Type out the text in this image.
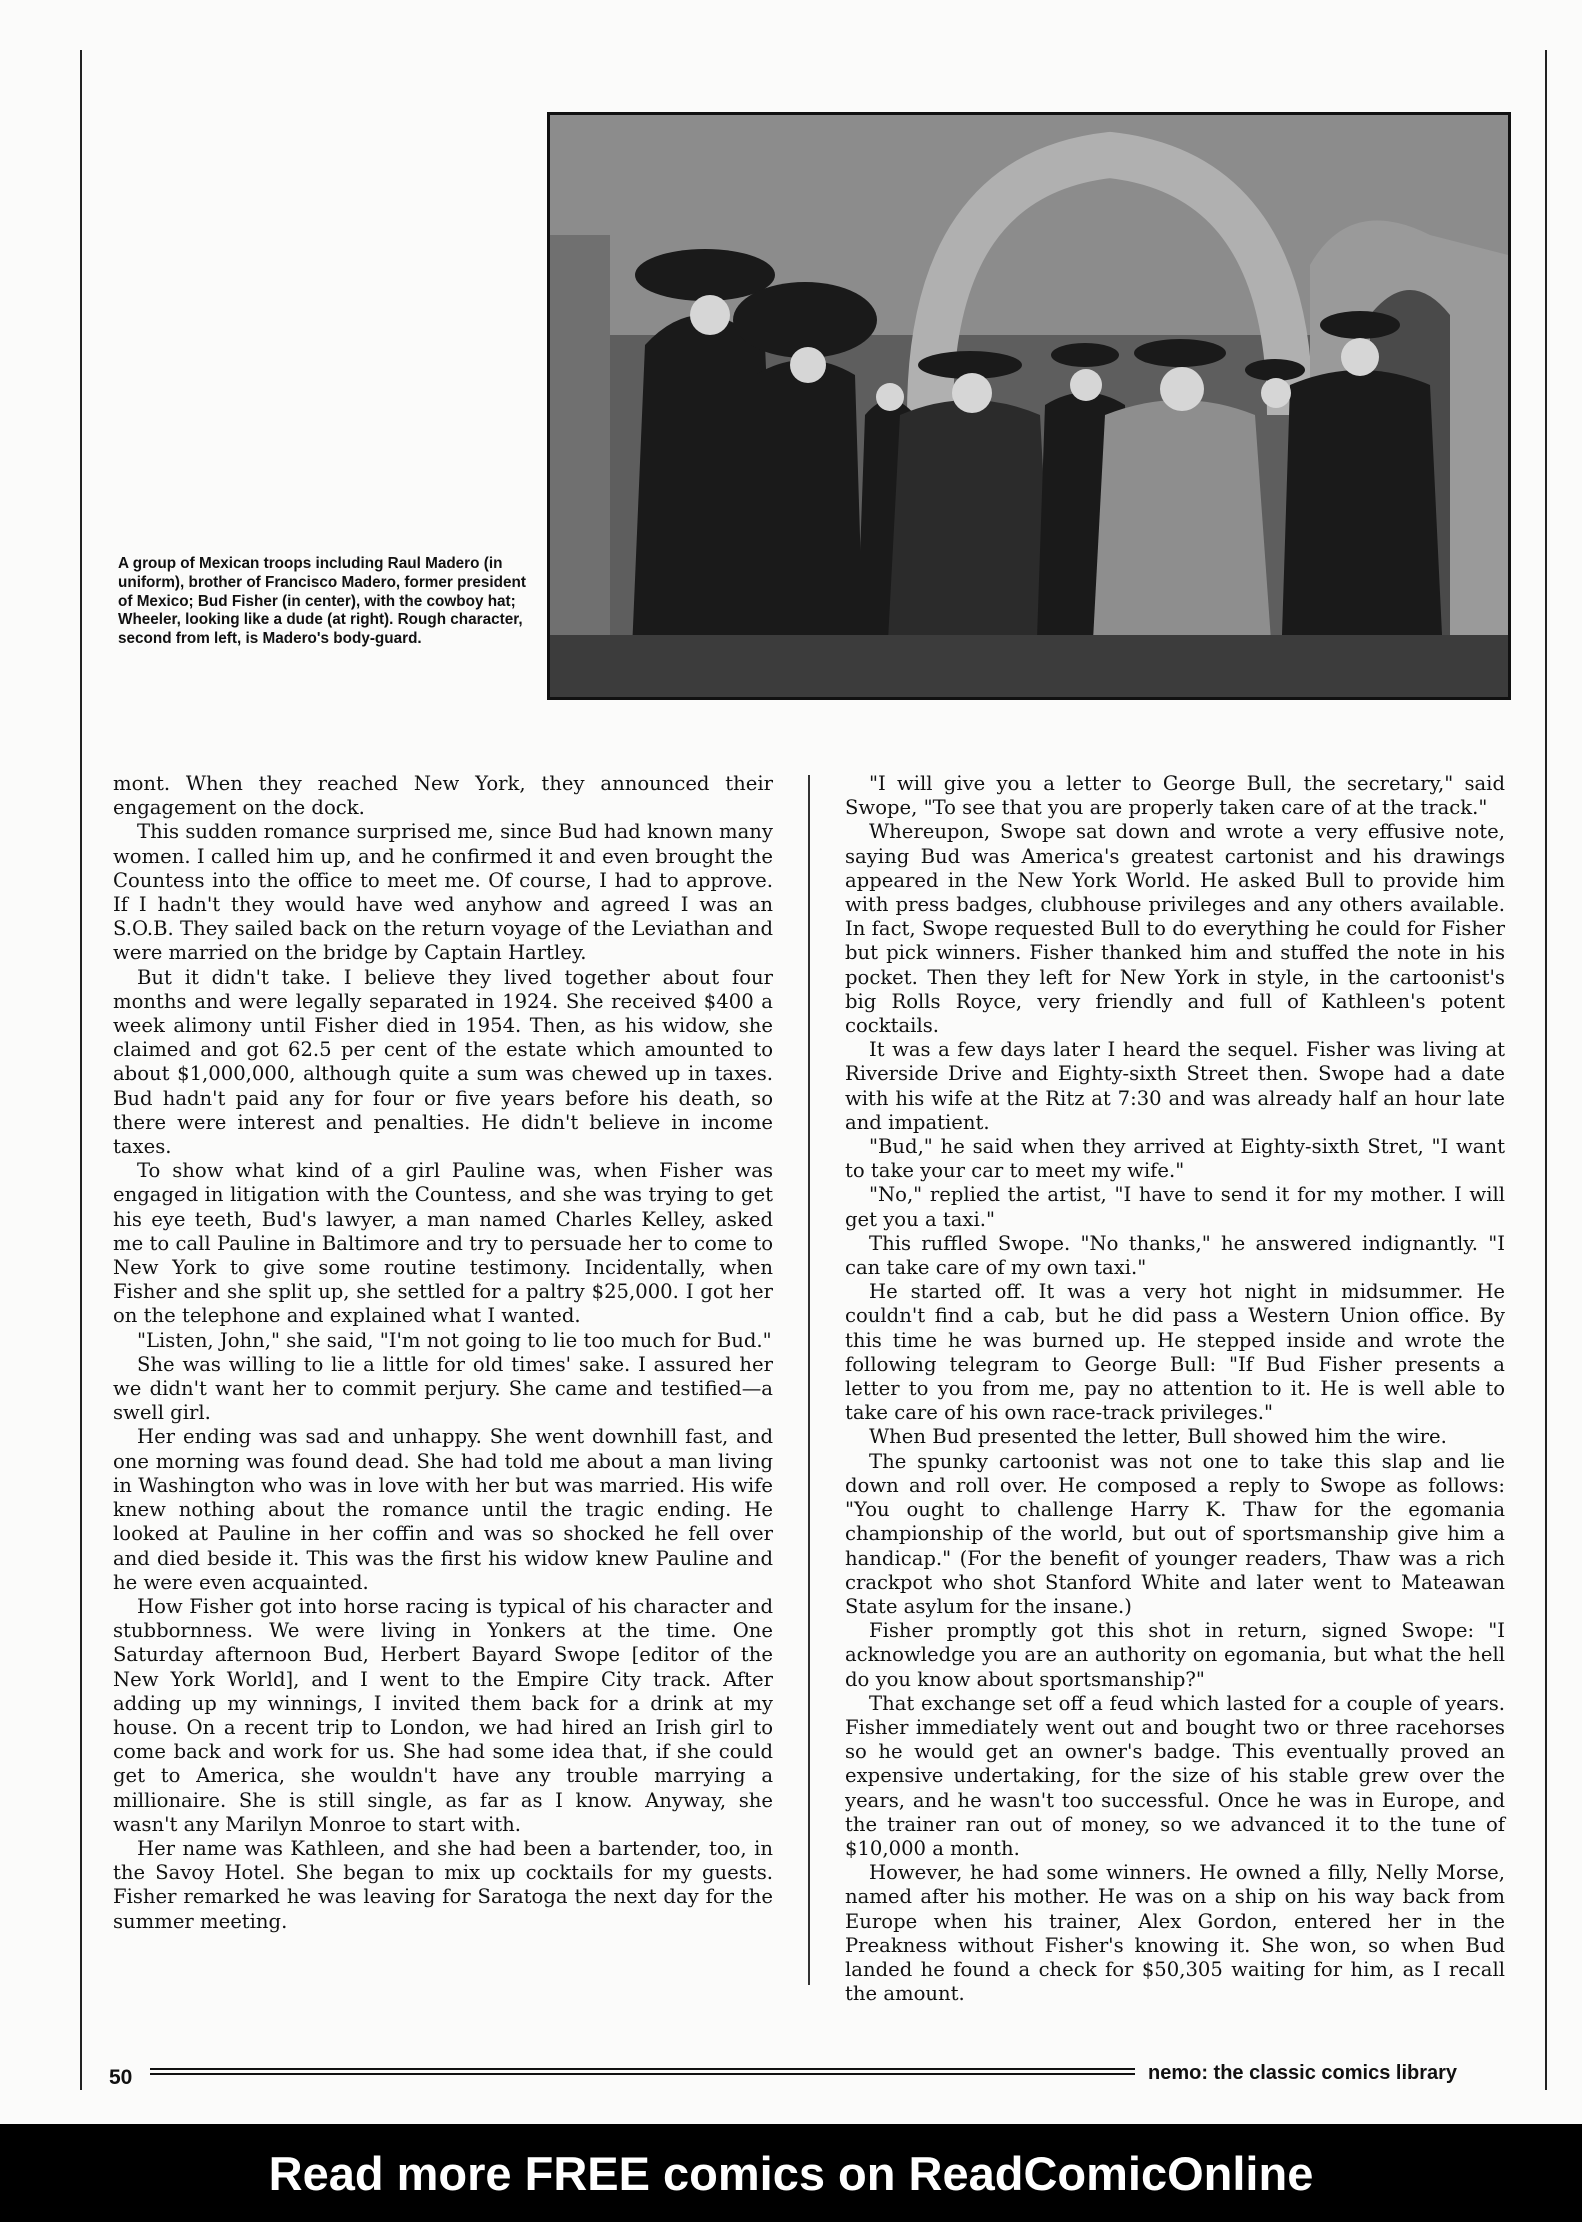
A group of Mexican troops including Raul Madero (in uniform), brother of Francisco Madero, former president of Mexico; Bud Fisher (in center), with the cowboy hat; Wheeler, looking like a dude (at right). Rough character, second from left, is Madero's body-guard.

mont. When they reached New York, they announced their engagement on the dock.

This sudden romance surprised me, since Bud had known many women. I called him up, and he confirmed it and even brought the Countess into the office to meet me. Of course, I had to approve. If I hadn't they would have wed anyhow and agreed I was an S.O.B. They sailed back on the return voyage of the Leviathan and were married on the bridge by Captain Hartley.

But it didn't take. I believe they lived together about four months and were legally separated in 1924. She received $400 a week alimony until Fisher died in 1954. Then, as his widow, she claimed and got 62.5 per cent of the estate which amounted to about $1,000,000, although quite a sum was chewed up in taxes. Bud hadn't paid any for four or five years before his death, so there were interest and penalties. He didn't believe in income taxes.

To show what kind of a girl Pauline was, when Fisher was engaged in litigation with the Countess, and she was trying to get his eye teeth, Bud's lawyer, a man named Charles Kelley, asked me to call Pauline in Baltimore and try to persuade her to come to New York to give some routine testimony. Incidentally, when Fisher and she split up, she settled for a paltry $25,000. I got her on the telephone and explained what I wanted.

"Listen, John," she said, "I'm not going to lie too much for Bud."

She was willing to lie a little for old times' sake. I assured her we didn't want her to commit perjury. She came and testified—a swell girl.

Her ending was sad and unhappy. She went downhill fast, and one morning was found dead. She had told me about a man living in Washington who was in love with her but was married. His wife knew nothing about the romance until the tragic ending. He looked at Pauline in her coffin and was so shocked he fell over and died beside it. This was the first his widow knew Pauline and he were even acquainted.

How Fisher got into horse racing is typical of his character and stubbornness. We were living in Yonkers at the time. One Saturday afternoon Bud, Herbert Bayard Swope [editor of the New York World], and I went to the Empire City track. After adding up my winnings, I invited them back for a drink at my house. On a recent trip to London, we had hired an Irish girl to come back and work for us. She had some idea that, if she could get to America, she wouldn't have any trouble marrying a millionaire. She is still single, as far as I know. Anyway, she wasn't any Marilyn Monroe to start with.

Her name was Kathleen, and she had been a bartender, too, in the Savoy Hotel. She began to mix up cocktails for my guests. Fisher remarked he was leaving for Saratoga the next day for the summer meeting.

"I will give you a letter to George Bull, the secretary," said Swope, "To see that you are properly taken care of at the track."

Whereupon, Swope sat down and wrote a very effusive note, saying Bud was America's greatest cartonist and his drawings appeared in the New York World. He asked Bull to provide him with press badges, clubhouse privileges and any others available. In fact, Swope requested Bull to do everything he could for Fisher but pick winners. Fisher thanked him and stuffed the note in his pocket. Then they left for New York in style, in the cartoonist's big Rolls Royce, very friendly and full of Kathleen's potent cocktails.

It was a few days later I heard the sequel. Fisher was living at Riverside Drive and Eighty-sixth Street then. Swope had a date with his wife at the Ritz at 7:30 and was already half an hour late and impatient.

"Bud," he said when they arrived at Eighty-sixth Stret, "I want to take your car to meet my wife."

"No," replied the artist, "I have to send it for my mother. I will get you a taxi."

This ruffled Swope. "No thanks," he answered indignantly. "I can take care of my own taxi."

He started off. It was a very hot night in midsummer. He couldn't find a cab, but he did pass a Western Union office. By this time he was burned up. He stepped inside and wrote the following telegram to George Bull: "If Bud Fisher presents a letter to you from me, pay no attention to it. He is well able to take care of his own race-track privileges."

When Bud presented the letter, Bull showed him the wire.

The spunky cartoonist was not one to take this slap and lie down and roll over. He composed a reply to Swope as follows: "You ought to challenge Harry K. Thaw for the egomania championship of the world, but out of sportsmanship give him a handicap." (For the benefit of younger readers, Thaw was a rich crackpot who shot Stanford White and later went to Mateawan State asylum for the insane.)

Fisher promptly got this shot in return, signed Swope: "I acknowledge you are an authority on egomania, but what the hell do you know about sportsmanship?"

That exchange set off a feud which lasted for a couple of years. Fisher immediately went out and bought two or three racehorses so he would get an owner's badge. This eventually proved an expensive undertaking, for the size of his stable grew over the years, and he wasn't too successful. Once he was in Europe, and the trainer ran out of money, so we advanced it to the tune of $10,000 a month.

However, he had some winners. He owned a filly, Nelly Morse, named after his mother. He was on a ship on his way back from Europe when his trainer, Alex Gordon, entered her in the Preakness without Fisher's knowing it. She won, so when Bud landed he found a check for $50,305 waiting for him, as I recall the amount.

50	nemo: the classic comics library
Read more FREE comics on ReadComicOnline
